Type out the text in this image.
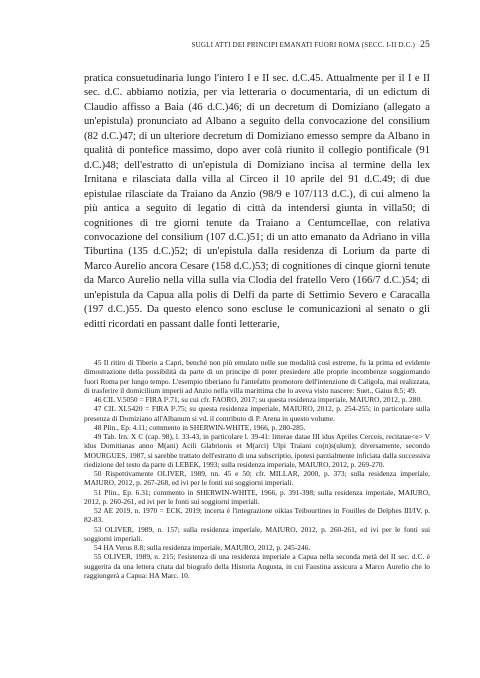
SUGLI ATTI DEI PRINCIPI EMANATI FUORI ROMA (SECC. I-II D.C.) 25

pratica consuetudinaria lungo l'intero I e II sec. d.C.45. Attualmente per il I e II sec. d.C. abbiamo notizia, per via letteraria o documentaria, di un edictum di Claudio affisso a Baia (46 d.C.)46; di un decretum di Domiziano (allegato a un'epistula) pronunciato ad Albano a seguito della convocazione del consilium (82 d.C.)47; di un ulteriore decretum di Domiziano emesso sempre da Albano in qualità di pontefice massimo, dopo aver colà riunito il collegio pontificale (91 d.C.)48; dell'estratto di un'epistula di Domiziano incisa al termine della lex Irnitana e rilasciata dalla villa al Circeo il 10 aprile del 91 d.C.49; di due epistulae rilasciate da Traiano da Anzio (98/9 e 107/113 d.C.), di cui almeno la più antica a seguito di legatio di città da intendersi giunta in villa50; di cognitiones di tre giorni tenute da Traiano a Centumcellae, con relativa convocazione del consilium (107 d.C.)51; di un atto emanato da Adriano in villa Tiburtina (135 d.C.)52; di un'epistula dalla residenza di Lorium da parte di Marco Aurelio ancora Cesare (158 d.C.)53; di cognitiones di cinque giorni tenute da Marco Aurelio nella villa sulla via Clodia del fratello Vero (166/7 d.C.)54; di un'epistula da Capua alla polis di Delfi da parte di Settimio Severo e Caracalla (197 d.C.)55. Da questo elenco sono escluse le comunicazioni al senato o gli editti ricordati en passant dalle fonti letterarie,

45 Il ritiro di Tiberio a Capri, benché non più emulato nelle sue modalità così estreme, fu la prima ed evidente dimostrazione della possibilità da parte di un principe di poter presiedere alle proprie incombenze soggiornando fuori Roma per lungo tempo. L'esempio tiberiano fu l'antefatto promotore dell'intenzione di Caligola, mai realizzata, di trasferire il domicilium imperii ad Anzio nella villa marittima che lo aveva visto nascere: Suet., Gaius 8.5; 49.

46 CIL V.5050 = FIRA I².71, su cui cfr. FAORO, 2017; su questa residenza imperiale, MAIURO, 2012, p. 280.

47 CIL XI.5420 = FIRA I².75; su questa residenza imperiale, MAIURO, 2012, p. 254-255; in particolare sulla presenza di Domiziano all'Albanum si vd. il contributo di P. Arena in questo volume.

48 Plin., Ep. 4.11; commento in SHERWIN-WHITE, 1966, p. 280-285.

49 Tab. Irn. X C (cap. 98), l. 33-43, in particolare l. 39-41: litterae datae III idus Apriles Cerceis, recitatae<e> V idus Domitianas anno M(ani) Acili Glabrionis et M(arci) Ulpi Traiani co(n)s(ulum); diversamente, secondo MOURGUES, 1987, si sarebbe trattato dell'estratto di una subscriptio, ipotesi parzialmente inficiata dalla successiva riedizione del testo da parte di LEBEK, 1993; sulla residenza imperiale, MAIURO, 2012, p. 269-270.

50 Rispettivamente OLIVER, 1989, nn. 45 e 50; cfr. MILLAR, 2000, p. 373; sulla residenza imperiale, MAIURO, 2012, p. 267-268, ed ivi per le fonti sui soggiorni imperiali.

51 Plin., Ep. 6.31; commento in SHERWIN-WHITE, 1966, p. 391-398; sulla residenza imperiale, MAIURO, 2012, p. 260-261, ed ivi per le fonti sui soggiorni imperiali.

52 AE 2019, n. 1970 = ECK, 2019; incerta è l'integrazione oikias Teibourtines in Fouilles de Delphes III/IV, p. 82-83.

53 OLIVER, 1989, n. 157; sulla residenza imperiale, MAIURO, 2012, p. 260-261, ed ivi per le fonti sui soggiorni imperiali.

54 HA Verus 8.8; sulla residenza imperiale, MAIURO, 2012, p. 245-246.

55 OLIVER, 1989, n. 215; l'esistenza di una residenza imperiale a Capua nella seconda metà del II sec. d.C. è suggerita da una lettera citata dal biografo della Historia Augusta, in cui Faustina assicura a Marco Aurelio che lo raggiungerà a Capua: HA Marc. 10.
